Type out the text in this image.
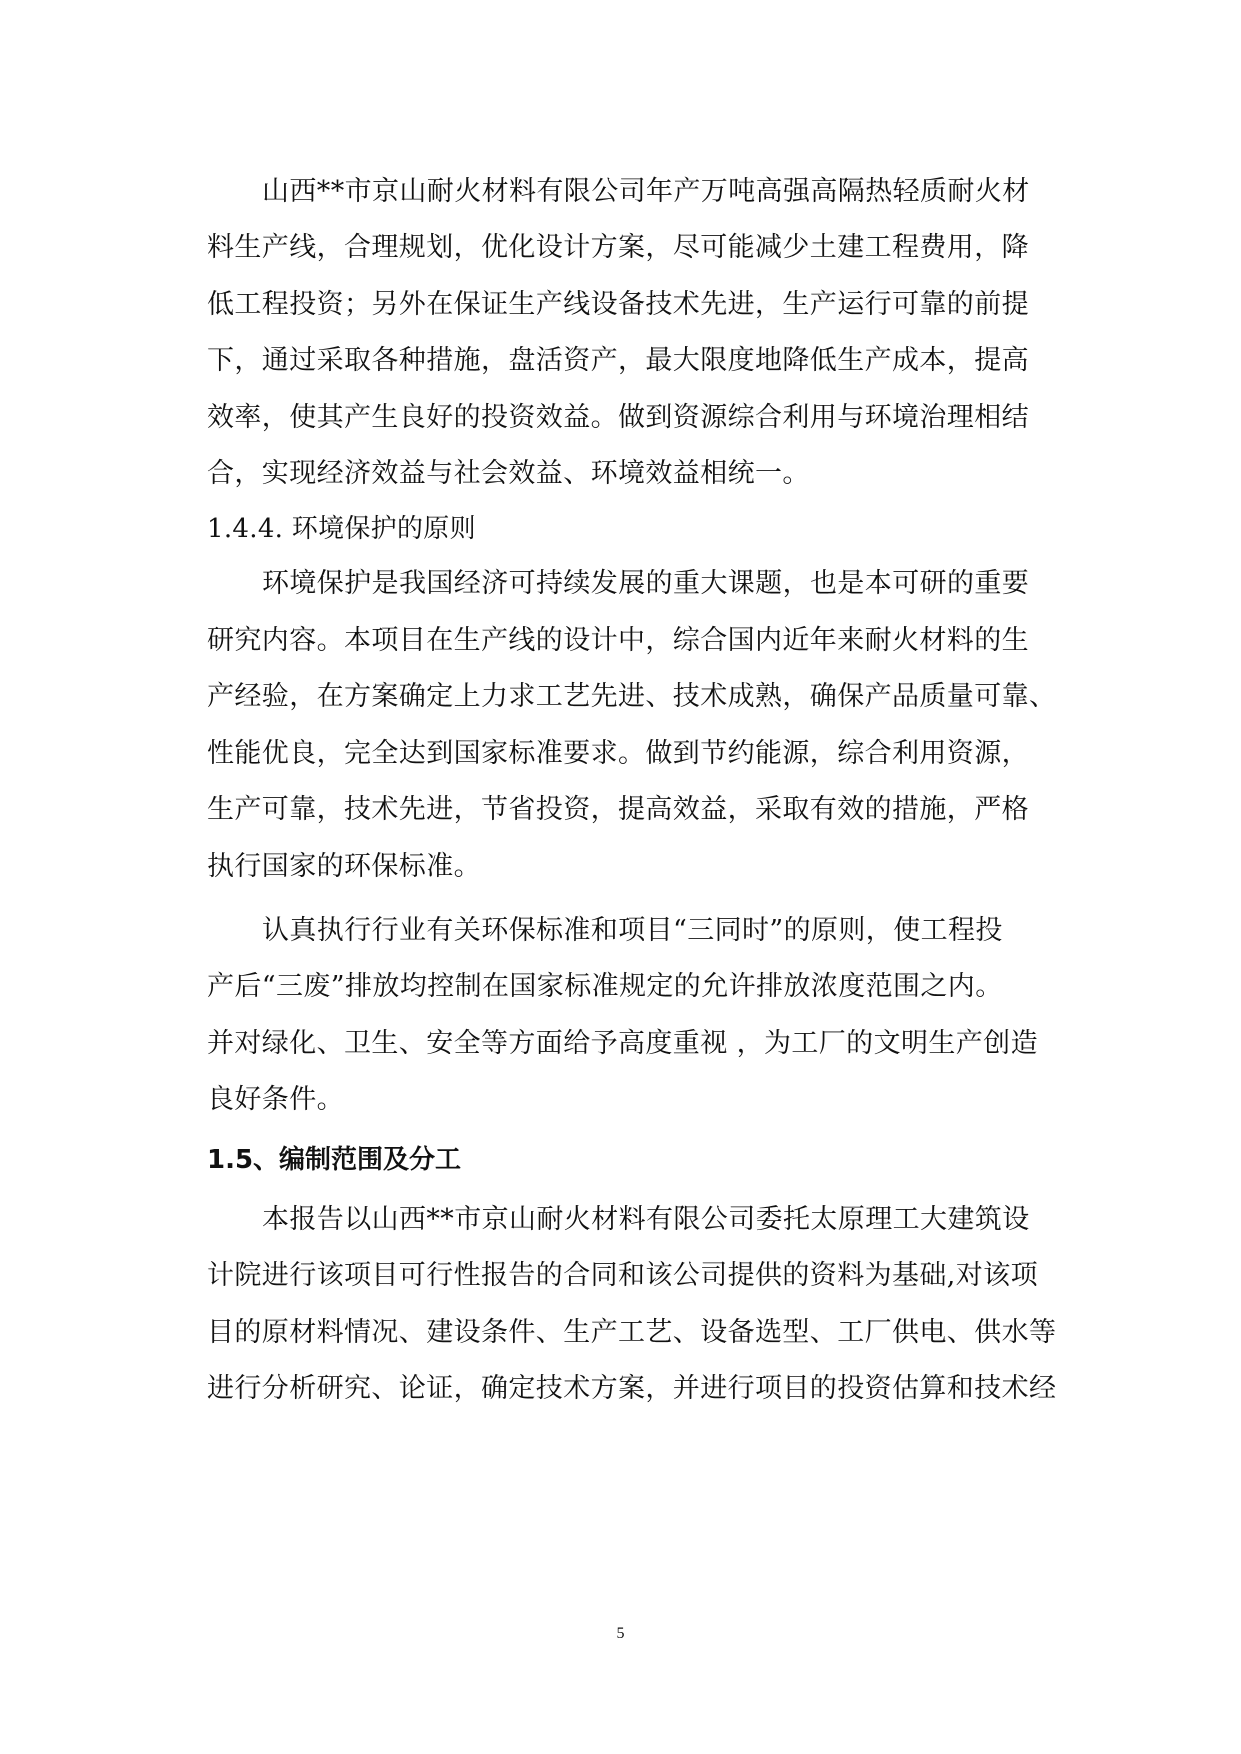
山西**市京山耐火材料有限公司年产万吨高强高隔热轻质耐火材
料生产线，合理规划，优化设计方案，尽可能减少土建工程费用，降
低工程投资；另外在保证生产线设备技术先进，生产运行可靠的前提
下，通过采取各种措施，盘活资产，最大限度地降低生产成本，提高
效率，使其产生良好的投资效益。做到资源综合利用与环境治理相结
合，实现经济效益与社会效益、环境效益相统一。
1.4.4. 环境保护的原则
环境保护是我国经济可持续发展的重大课题，也是本可研的重要
研究内容。本项目在生产线的设计中，综合国内近年来耐火材料的生
产经验，在方案确定上力求工艺先进、技术成熟，确保产品质量可靠、
性能优良，完全达到国家标准要求。做到节约能源，综合利用资源，
生产可靠，技术先进，节省投资，提高效益，采取有效的措施，严格
执行国家的环保标准。
认真执行行业有关环保标准和项目“三同时”的原则，使工程投
产后“三废”排放均控制在国家标准规定的允许排放浓度范围之内。
并对绿化、卫生、安全等方面给予高度重视 ，为工厂的文明生产创造
良好条件。
1.5、编制范围及分工
本报告以山西**市京山耐火材料有限公司委托太原理工大建筑设
计院进行该项目可行性报告的合同和该公司提供的资料为基础,对该项
目的原材料情况、建设条件、生产工艺、设备选型、工厂供电、供水等
进行分析研究、论证，确定技术方案，并进行项目的投资估算和技术经
5
